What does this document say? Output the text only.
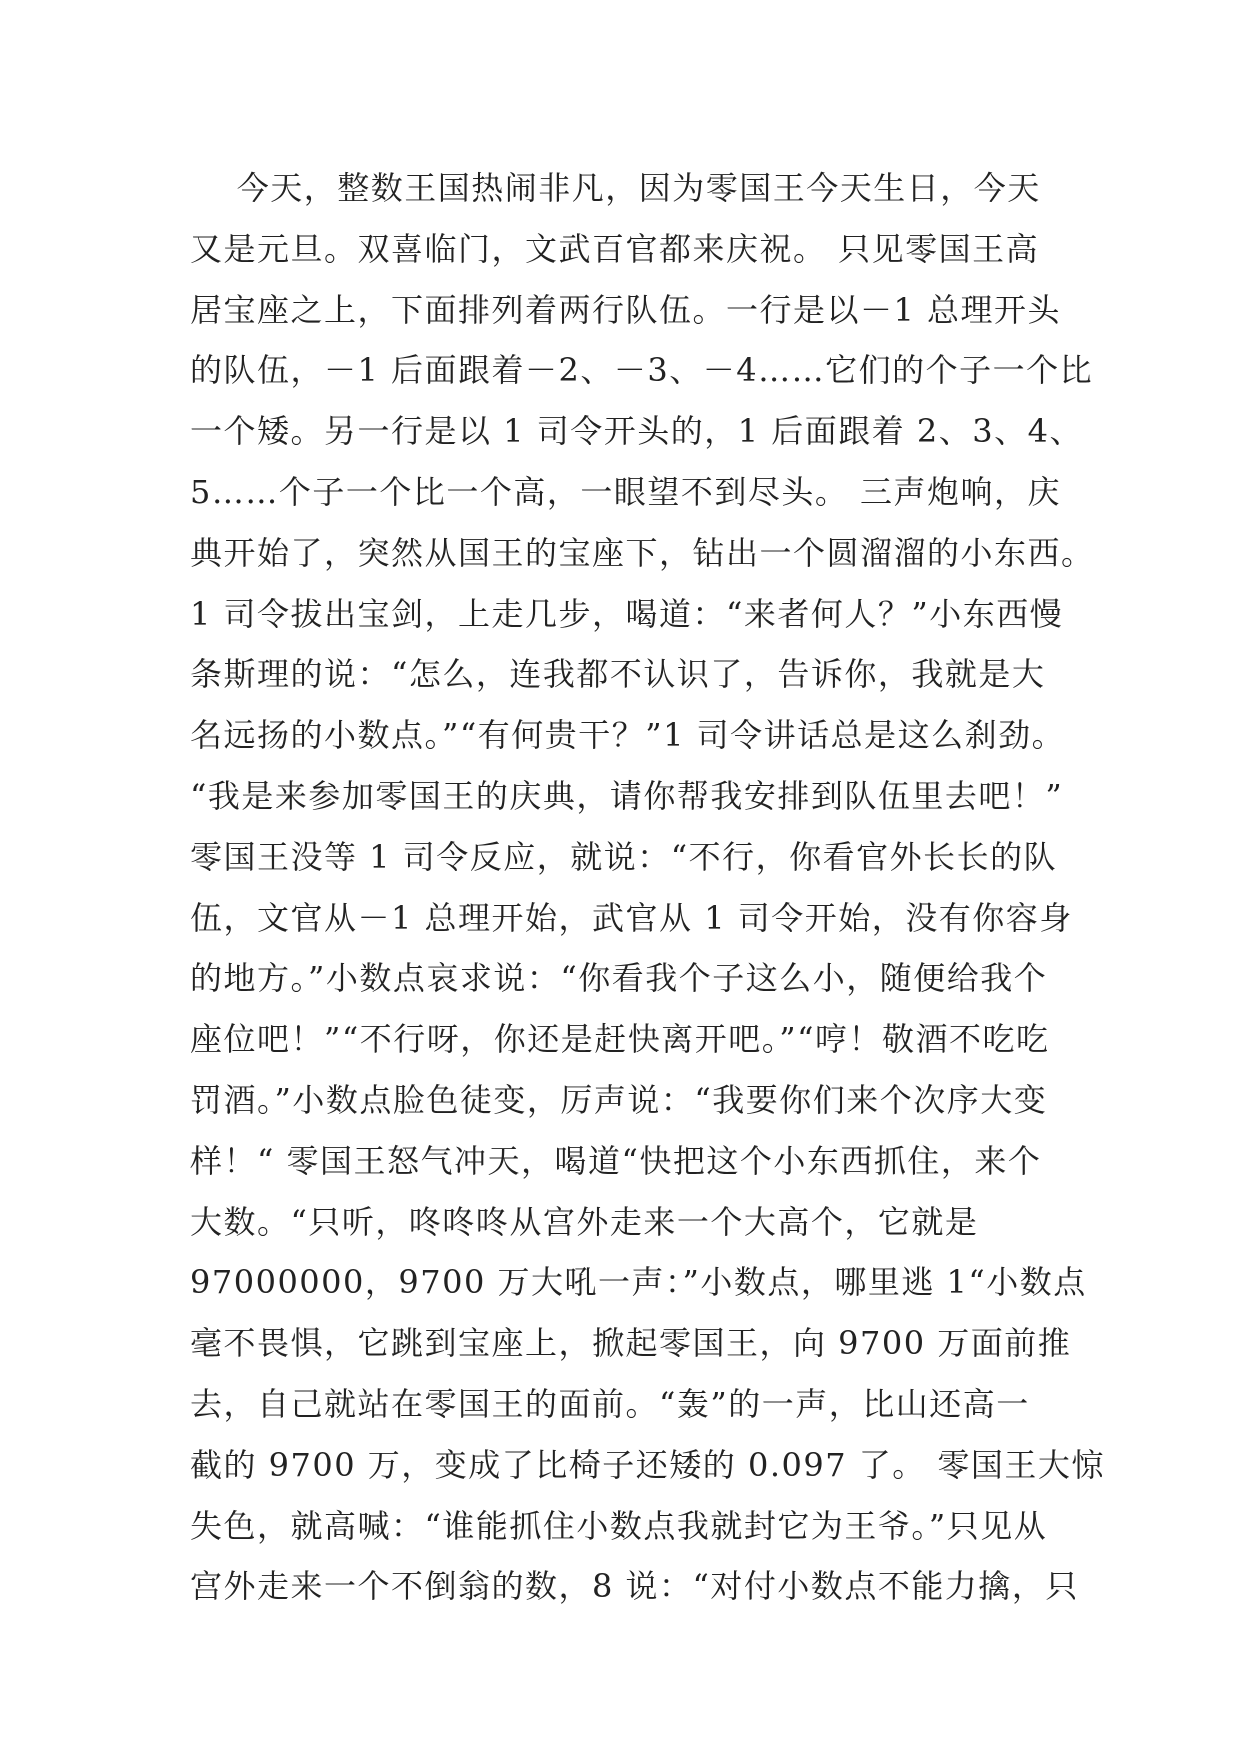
今天，整数王国热闹非凡，因为零国王今天生日，今天
又是元旦。双喜临门，文武百官都来庆祝。 只见零国王高
居宝座之上，下面排列着两行队伍。一行是以－1 总理开头
的队伍，－1 后面跟着－2、－3、－4……它们的个子一个比
一个矮。另一行是以 1 司令开头的，1 后面跟着 2、3、4、
5……个子一个比一个高，一眼望不到尽头。 三声炮响，庆
典开始了，突然从国王的宝座下，钻出一个圆溜溜的小东西。
1 司令拔出宝剑，上走几步，喝道：“来者何人？”小东西慢
条斯理的说：“怎么，连我都不认识了，告诉你，我就是大
名远扬的小数点。”“有何贵干？”1 司令讲话总是这么刹劲。
“我是来参加零国王的庆典，请你帮我安排到队伍里去吧！”
零国王没等 1 司令反应，就说：“不行，你看官外长长的队
伍，文官从－1 总理开始，武官从 1 司令开始，没有你容身
的地方。”小数点哀求说：“你看我个子这么小，随便给我个
座位吧！”“不行呀，你还是赶快离开吧。”“哼！敬酒不吃吃
罚酒。”小数点脸色徒变，厉声说：“我要你们来个次序大变
样！“ 零国王怒气冲天，喝道“快把这个小东西抓住，来个
大数。“只听，咚咚咚从宫外走来一个大高个，它就是
97000000，9700 万大吼一声：”小数点，哪里逃 1“小数点
毫不畏惧，它跳到宝座上，掀起零国王，向 9700 万面前推
去，自己就站在零国王的面前。“轰”的一声，比山还高一
截的 9700 万，变成了比椅子还矮的 0.097 了。 零国王大惊
失色，就高喊：“谁能抓住小数点我就封它为王爷。”只见从
宫外走来一个不倒翁的数，8 说：“对付小数点不能力擒，只
